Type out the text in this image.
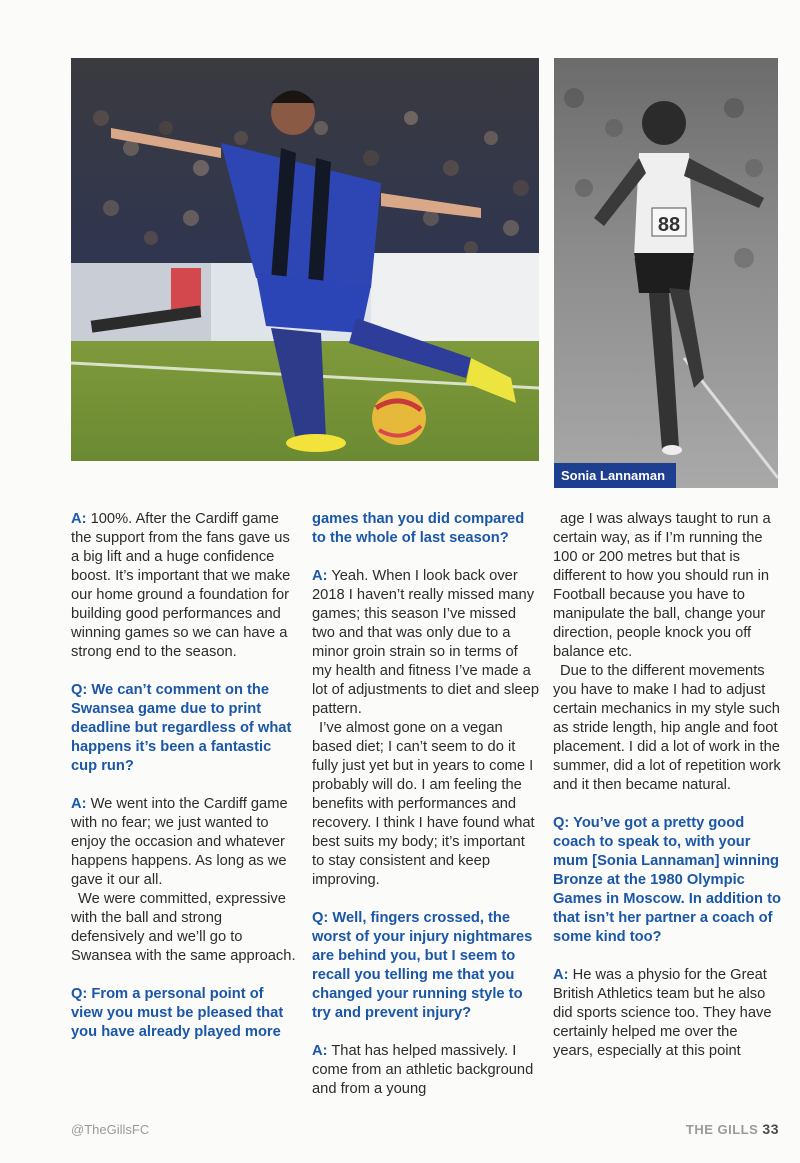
88
Sonia Lannaman

A: 100%. After the Cardiff game the support from the fans gave us a big lift and a huge confidence boost. It’s important that we make our home ground a foundation for building good performances and winning games so we can have a strong end to the season.

Q: We can’t comment on the Swansea game due to print deadline but regardless of what happens it’s been a fantastic cup run?

A: We went into the Cardiff game with no fear; we just wanted to enjoy the occasion and whatever happens happens. As long as we gave it our all.

We were committed, expressive with the ball and strong defensively and we’ll go to Swansea with the same approach.

Q: From a personal point of view you must be pleased that you have already played more

games than you did compared to the whole of last season?

A: Yeah. When I look back over 2018 I haven’t really missed many games; this season I’ve missed two and that was only due to a minor groin strain so in terms of my health and fitness I’ve made a lot of adjustments to diet and sleep pattern.

I’ve almost gone on a vegan based diet; I can’t seem to do it fully just yet but in years to come I probably will do. I am feeling the benefits with performances and recovery. I think I have found what best suits my body; it’s important to stay consistent and keep improving.

Q: Well, fingers crossed, the worst of your injury nightmares are behind you, but I seem to recall you telling me that you changed your running style to try and prevent injury?

A: That has helped massively. I come from an athletic background and from a young

age I was always taught to run a certain way, as if I’m running the 100 or 200 metres but that is different to how you should run in Football because you have to manipulate the ball, change your direction, people knock you off balance etc.

Due to the different movements you have to make I had to adjust certain mechanics in my style such as stride length, hip angle and foot placement. I did a lot of work in the summer, did a lot of repetition work and it then became natural.

Q: You’ve got a pretty good coach to speak to, with your mum [Sonia Lannaman] winning Bronze at the 1980 Olympic Games in Moscow. In addition to that isn’t her partner a coach of some kind too?

A: He was a physio for the Great British Athletics team but he also did sports science too. They have certainly helped me over the years, especially at this point

@TheGillsFC	THE GILLS 33
